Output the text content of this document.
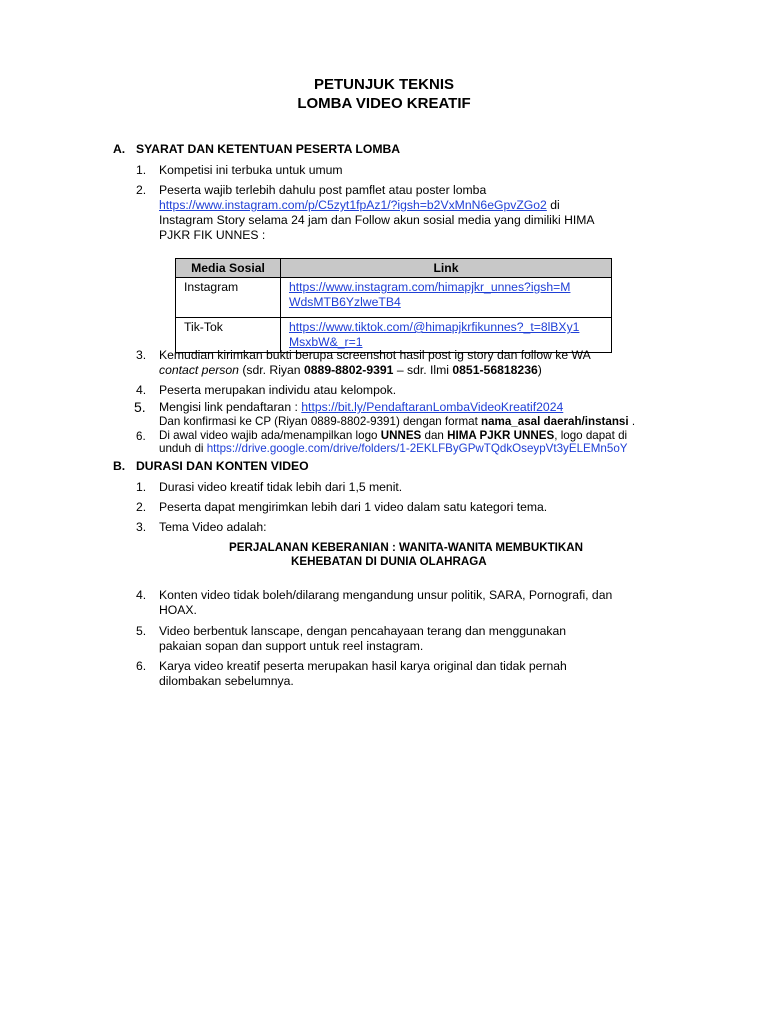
PETUNJUK TEKNIS
LOMBA VIDEO KREATIF
A. SYARAT DAN KETENTUAN PESERTA LOMBA
1. Kompetisi ini terbuka untuk umum
2. Peserta wajib terlebih dahulu post pamflet atau poster lomba
https://www.instagram.com/p/C5zyt1fpAz1/?igsh=b2VxMnN6eGpvZGo2 di
Instagram Story selama 24 jam dan Follow akun sosial media yang dimiliki HIMA
PJKR FIK UNNES :
Media Sosial	Link
Instagram	https://www.instagram.com/himapjkr_unnes?igsh=M
WdsMTB6YzlweTB4
Tik-Tok	https://www.tiktok.com/@himapjkrfikunnes?_t=8lBXy1
MsxbW&_r=1
3. Kemudian kirimkan bukti berupa screenshot hasil post ig story dan follow ke WA
contact person (sdr. Riyan 0889-8802-9391 – sdr. Ilmi 0851-56818236)
4. Peserta merupakan individu atau kelompok.
5. Mengisi link pendaftaran : https://bit.ly/PendaftaranLombaVideoKreatif2024
Dan konfirmasi ke CP (Riyan 0889-8802-9391) dengan format nama_asal daerah/instansi .
6. Di awal video wajib ada/menampilkan logo UNNES dan HIMA PJKR UNNES, logo dapat di
unduh di https://drive.google.com/drive/folders/1-2EKLFByGPwTQdkOseypVt3yELEMn5oY
B. DURASI DAN KONTEN VIDEO
1. Durasi video kreatif tidak lebih dari 1,5 menit.
2. Peserta dapat mengirimkan lebih dari 1 video dalam satu kategori tema.
3. Tema Video adalah:
PERJALANAN KEBERANIAN : WANITA-WANITA MEMBUKTIKAN
KEHEBATAN DI DUNIA OLAHRAGA
4. Konten video tidak boleh/dilarang mengandung unsur politik, SARA, Pornografi, dan
HOAX.
5. Video berbentuk lanscape, dengan pencahayaan terang dan menggunakan
pakaian sopan dan support untuk reel instagram.
6. Karya video kreatif peserta merupakan hasil karya original dan tidak pernah
dilombakan sebelumnya.
